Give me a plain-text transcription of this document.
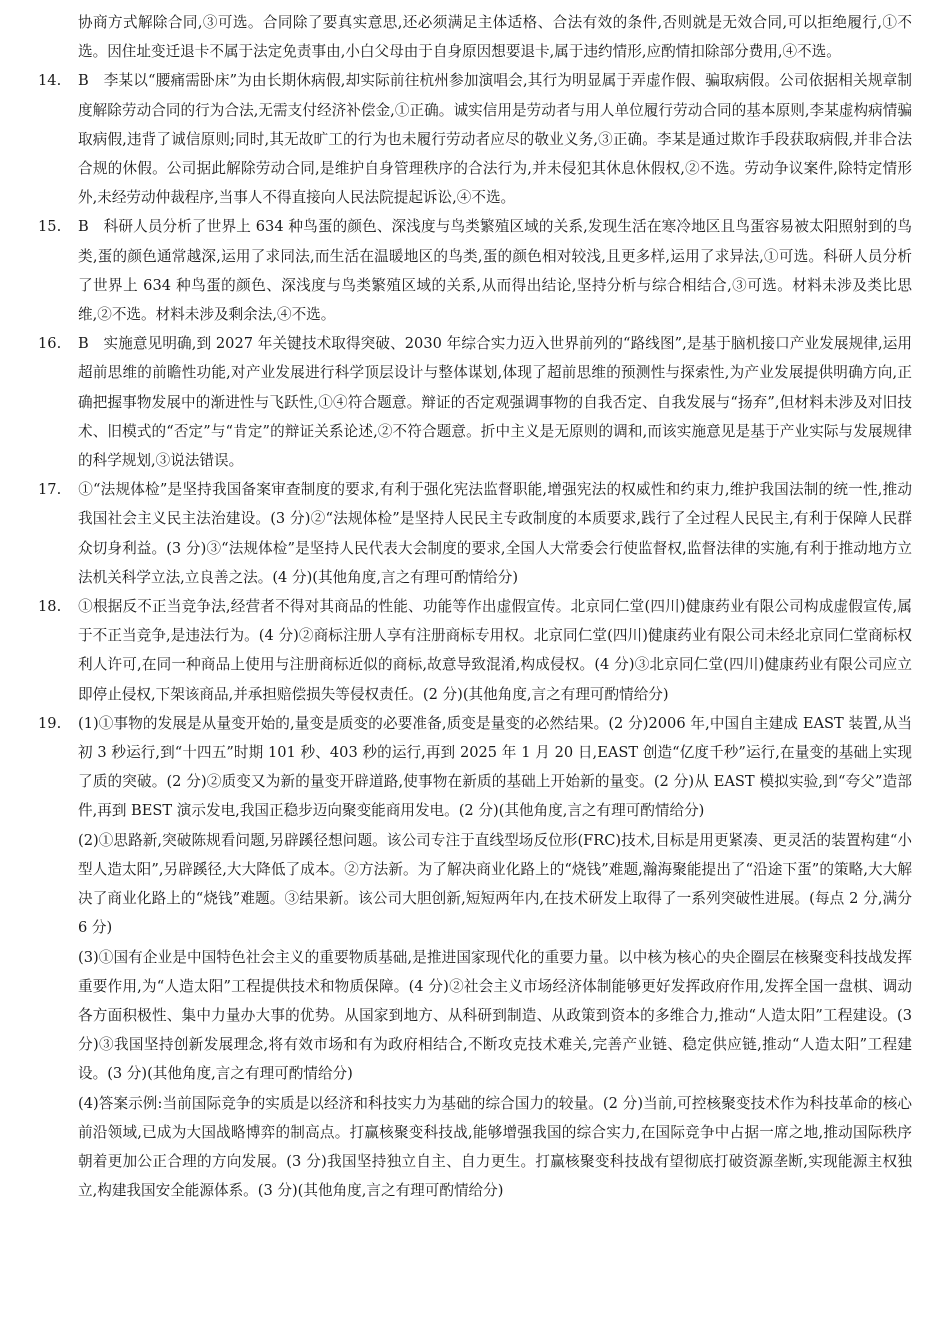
协商方式解除合同,③可选。合同除了要真实意思,还必须满足主体适格、合法有效的条件,否则就是无效合同,可以拒绝履行,①不选。因住址变迁退卡不属于法定免责事由,小白父母由于自身原因想要退卡,属于违约情形,应酌情扣除部分费用,④不选。

14. B　李某以“腰痛需卧床”为由长期休病假,却实际前往杭州参加演唱会,其行为明显属于弄虚作假、骗取病假。公司依据相关规章制度解除劳动合同的行为合法,无需支付经济补偿金,①正确。诚实信用是劳动者与用人单位履行劳动合同的基本原则,李某虚构病情骗取病假,违背了诚信原则;同时,其无故旷工的行为也未履行劳动者应尽的敬业义务,③正确。李某是通过欺诈手段获取病假,并非合法合规的休假。公司据此解除劳动合同,是维护自身管理秩序的合法行为,并未侵犯其休息休假权,②不选。劳动争议案件,除特定情形外,未经劳动仲裁程序,当事人不得直接向人民法院提起诉讼,④不选。

15. B　科研人员分析了世界上 634 种鸟蛋的颜色、深浅度与鸟类繁殖区域的关系,发现生活在寒冷地区且鸟蛋容易被太阳照射到的鸟类,蛋的颜色通常越深,运用了求同法,而生活在温暖地区的鸟类,蛋的颜色相对较浅,且更多样,运用了求异法,①可选。科研人员分析了世界上 634 种鸟蛋的颜色、深浅度与鸟类繁殖区域的关系,从而得出结论,坚持分析与综合相结合,③可选。材料未涉及类比思维,②不选。材料未涉及剩余法,④不选。

16. B　实施意见明确,到 2027 年关键技术取得突破、2030 年综合实力迈入世界前列的“路线图”,是基于脑机接口产业发展规律,运用超前思维的前瞻性功能,对产业发展进行科学顶层设计与整体谋划,体现了超前思维的预测性与探索性,为产业发展提供明确方向,正确把握事物发展中的渐进性与飞跃性,①④符合题意。辩证的否定观强调事物的自我否定、自我发展与“扬弃”,但材料未涉及对旧技术、旧模式的“否定”与“肯定”的辩证关系论述,②不符合题意。折中主义是无原则的调和,而该实施意见是基于产业实际与发展规律的科学规划,③说法错误。

17. ①“法规体检”是坚持我国备案审查制度的要求,有利于强化宪法监督职能,增强宪法的权威性和约束力,维护我国法制的统一性,推动我国社会主义民主法治建设。(3 分)②“法规体检”是坚持人民民主专政制度的本质要求,践行了全过程人民民主,有利于保障人民群众切身利益。(3 分)③“法规体检”是坚持人民代表大会制度的要求,全国人大常委会行使监督权,监督法律的实施,有利于推动地方立法机关科学立法,立良善之法。(4 分)(其他角度,言之有理可酌情给分)

18. ①根据反不正当竞争法,经营者不得对其商品的性能、功能等作出虚假宣传。北京同仁堂(四川)健康药业有限公司构成虚假宣传,属于不正当竞争,是违法行为。(4 分)②商标注册人享有注册商标专用权。北京同仁堂(四川)健康药业有限公司未经北京同仁堂商标权利人许可,在同一种商品上使用与注册商标近似的商标,故意导致混淆,构成侵权。(4 分)③北京同仁堂(四川)健康药业有限公司应立即停止侵权,下架该商品,并承担赔偿损失等侵权责任。(2 分)(其他角度,言之有理可酌情给分)

19. (1)①事物的发展是从量变开始的,量变是质变的必要准备,质变是量变的必然结果。(2 分)2006 年,中国自主建成 EAST 装置,从当初 3 秒运行,到“十四五”时期 101 秒、403 秒的运行,再到 2025 年 1 月 20 日,EAST 创造“亿度千秒”运行,在量变的基础上实现了质的突破。(2 分)②质变又为新的量变开辟道路,使事物在新质的基础上开始新的量变。(2 分)从 EAST 模拟实验,到“夸父”造部件,再到 BEST 演示发电,我国正稳步迈向聚变能商用发电。(2 分)(其他角度,言之有理可酌情给分)

(2)①思路新,突破陈规看问题,另辟蹊径想问题。该公司专注于直线型场反位形(FRC)技术,目标是用更紧凑、更灵活的装置构建“小型人造太阳”,另辟蹊径,大大降低了成本。②方法新。为了解决商业化路上的“烧钱”难题,瀚海聚能提出了“沿途下蛋”的策略,大大解决了商业化路上的“烧钱”难题。③结果新。该公司大胆创新,短短两年内,在技术研发上取得了一系列突破性进展。(每点 2 分,满分 6 分)

(3)①国有企业是中国特色社会主义的重要物质基础,是推进国家现代化的重要力量。以中核为核心的央企圈层在核聚变科技战发挥重要作用,为“人造太阳”工程提供技术和物质保障。(4 分)②社会主义市场经济体制能够更好发挥政府作用,发挥全国一盘棋、调动各方面积极性、集中力量办大事的优势。从国家到地方、从科研到制造、从政策到资本的多维合力,推动“人造太阳”工程建设。(3 分)③我国坚持创新发展理念,将有效市场和有为政府相结合,不断攻克技术难关,完善产业链、稳定供应链,推动“人造太阳”工程建设。(3 分)(其他角度,言之有理可酌情给分)

(4)答案示例:当前国际竞争的实质是以经济和科技实力为基础的综合国力的较量。(2 分)当前,可控核聚变技术作为科技革命的核心前沿领域,已成为大国战略博弈的制高点。打赢核聚变科技战,能够增强我国的综合实力,在国际竞争中占据一席之地,推动国际秩序朝着更加公正合理的方向发展。(3 分)我国坚持独立自主、自力更生。打赢核聚变科技战有望彻底打破资源垄断,实现能源主权独立,构建我国安全能源体系。(3 分)(其他角度,言之有理可酌情给分)
